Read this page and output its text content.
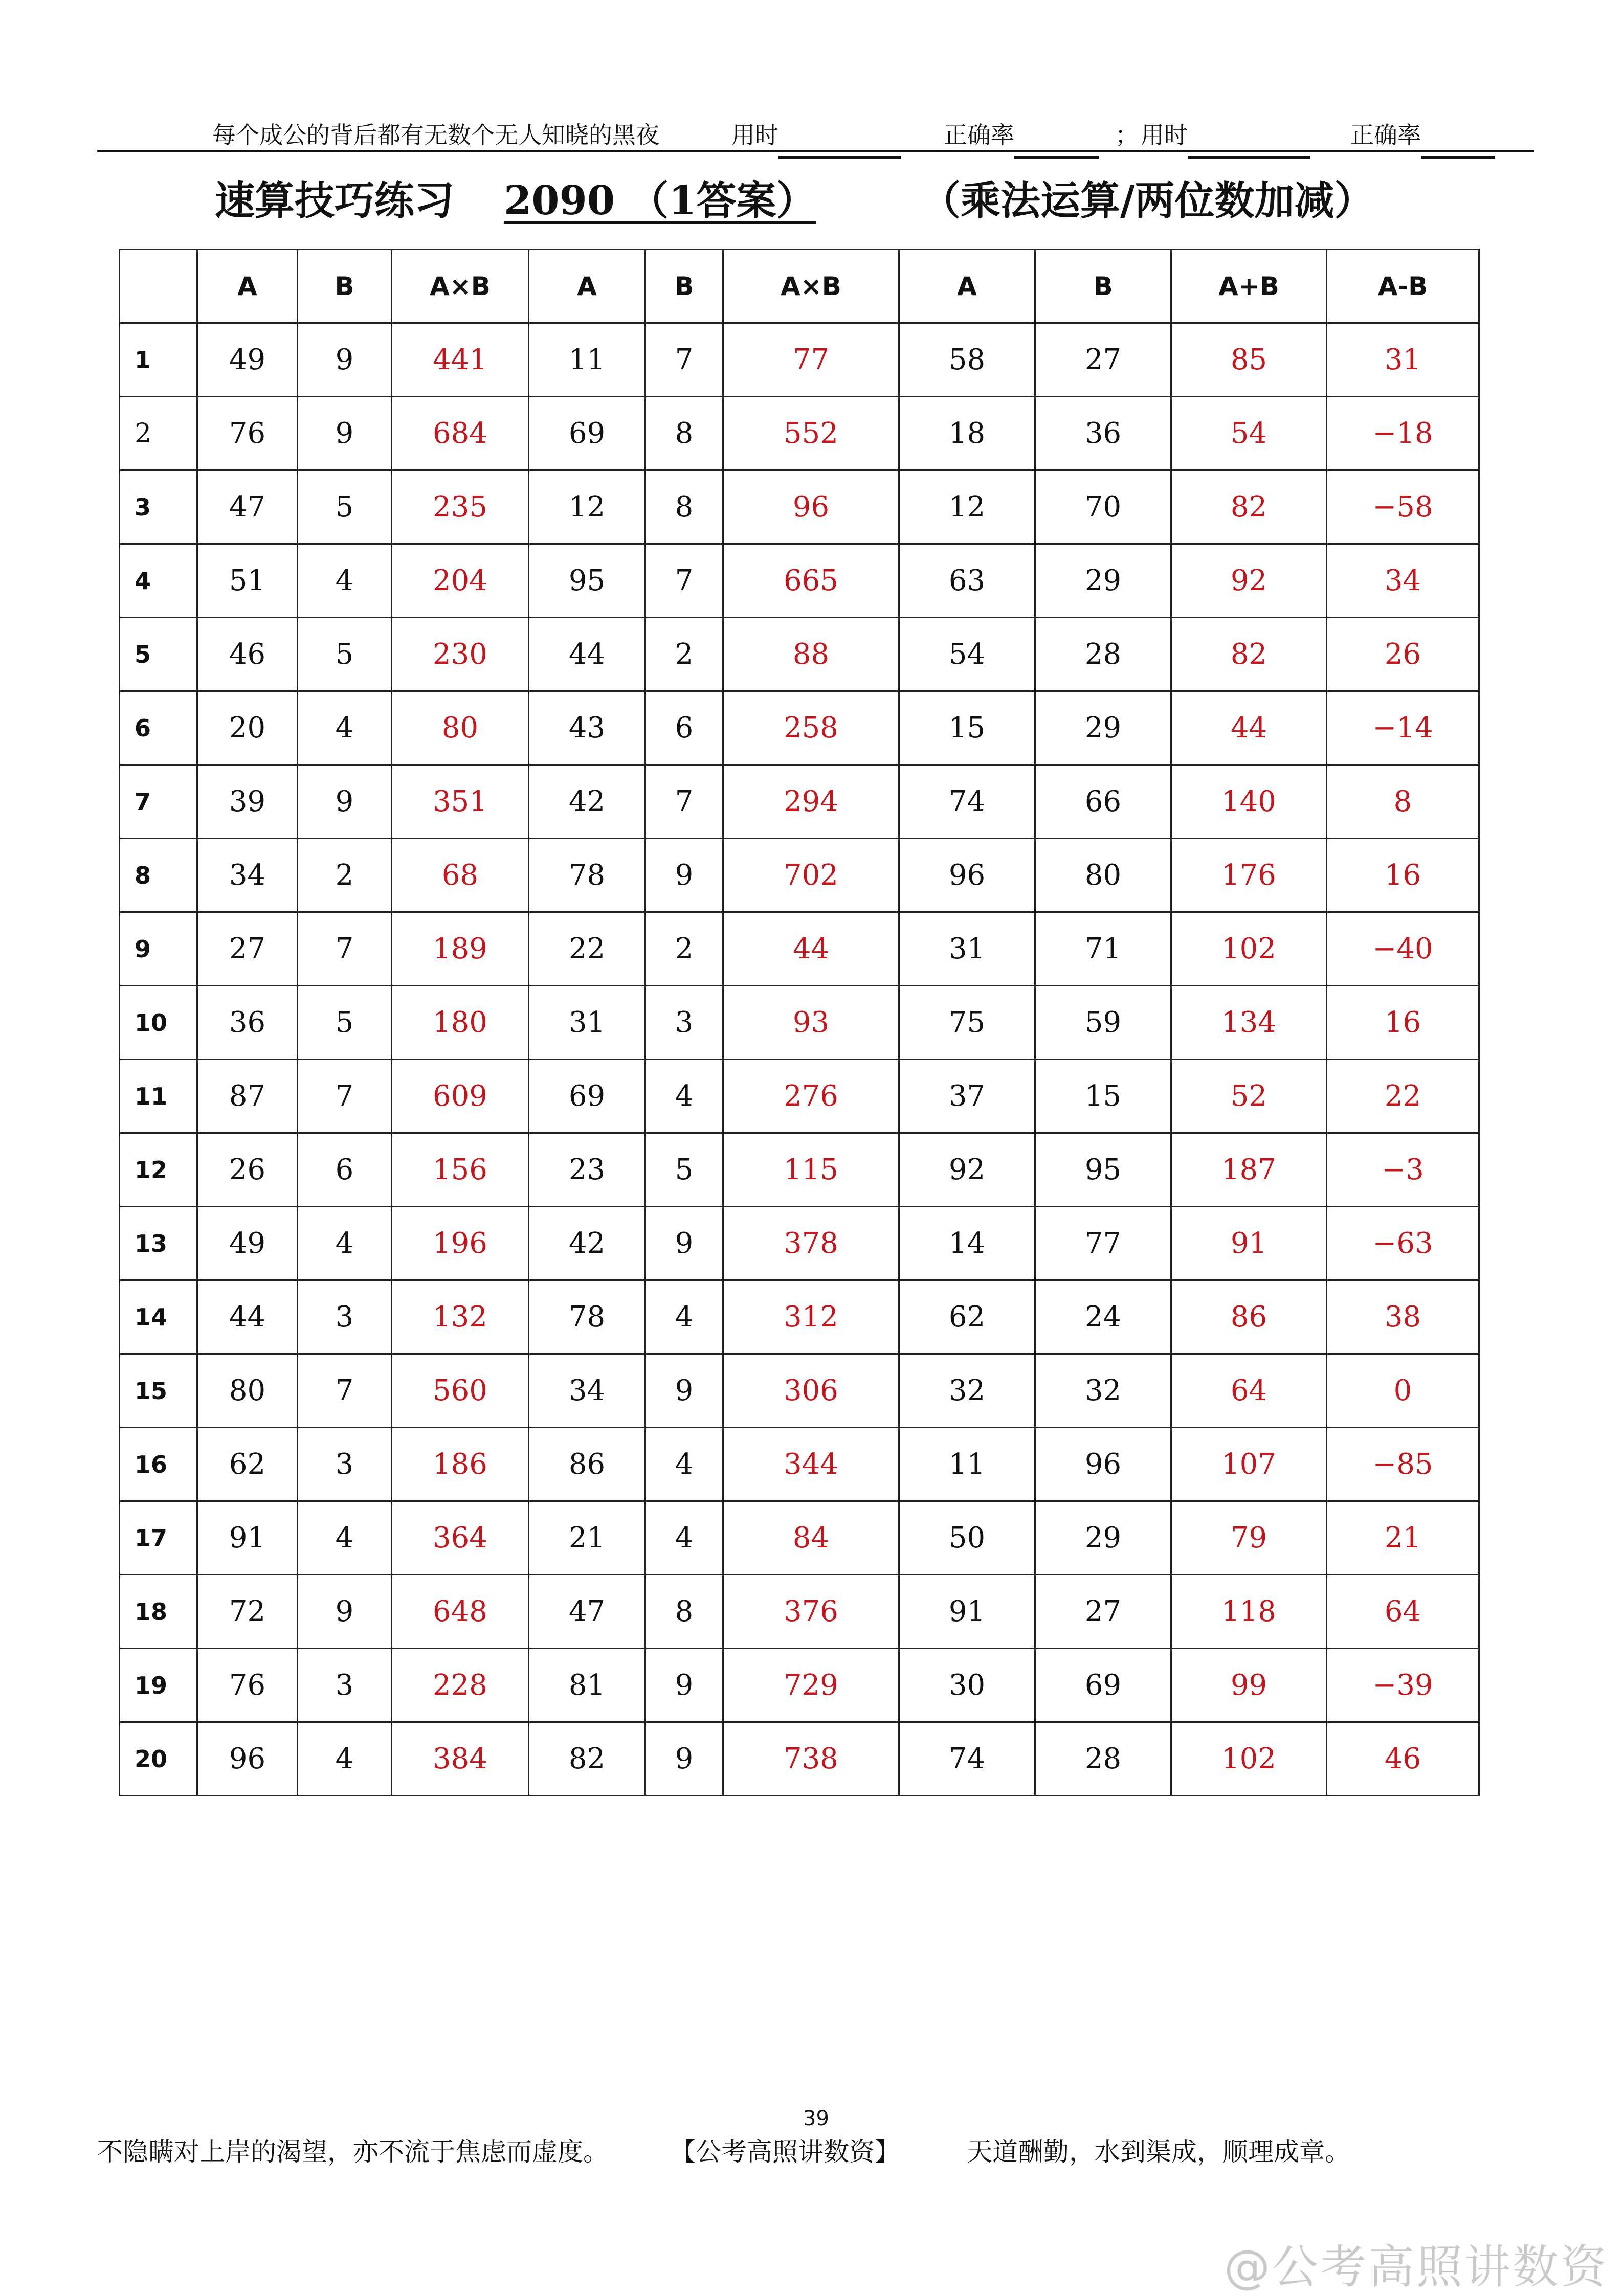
每个成公的背后都有无数个无人知晓的黑夜	用时	正确率	； 用时	正确率
速算技巧练习 2090 （1答案）	（乘法运算/两位数加减）
	A	B	A×B	A	B	A×B	A	B	A+B	A-B
1	49	9	441	11	7	77	58	27	85	31
2	76	9	684	69	8	552	18	36	54	−18
3	47	5	235	12	8	96	12	70	82	−58
4	51	4	204	95	7	665	63	29	92	34
5	46	5	230	44	2	88	54	28	82	26
6	20	4	80	43	6	258	15	29	44	−14
7	39	9	351	42	7	294	74	66	140	8
8	34	2	68	78	9	702	96	80	176	16
9	27	7	189	22	2	44	31	71	102	−40
10	36	5	180	31	3	93	75	59	134	16
11	87	7	609	69	4	276	37	15	52	22
12	26	6	156	23	5	115	92	95	187	−3
13	49	4	196	42	9	378	14	77	91	−63
14	44	3	132	78	4	312	62	24	86	38
15	80	7	560	34	9	306	32	32	64	0
16	62	3	186	86	4	344	11	96	107	−85
17	91	4	364	21	4	84	50	29	79	21
18	72	9	648	47	8	376	91	27	118	64
19	76	3	228	81	9	729	30	69	99	−39
20	96	4	384	82	9	738	74	28	102	46
39
不隐瞒对上岸的渴望，亦不流于焦虑而虚度。 【公考高照讲数资】	天道酬勤，水到渠成，顺理成章。
@公考高照讲数资
